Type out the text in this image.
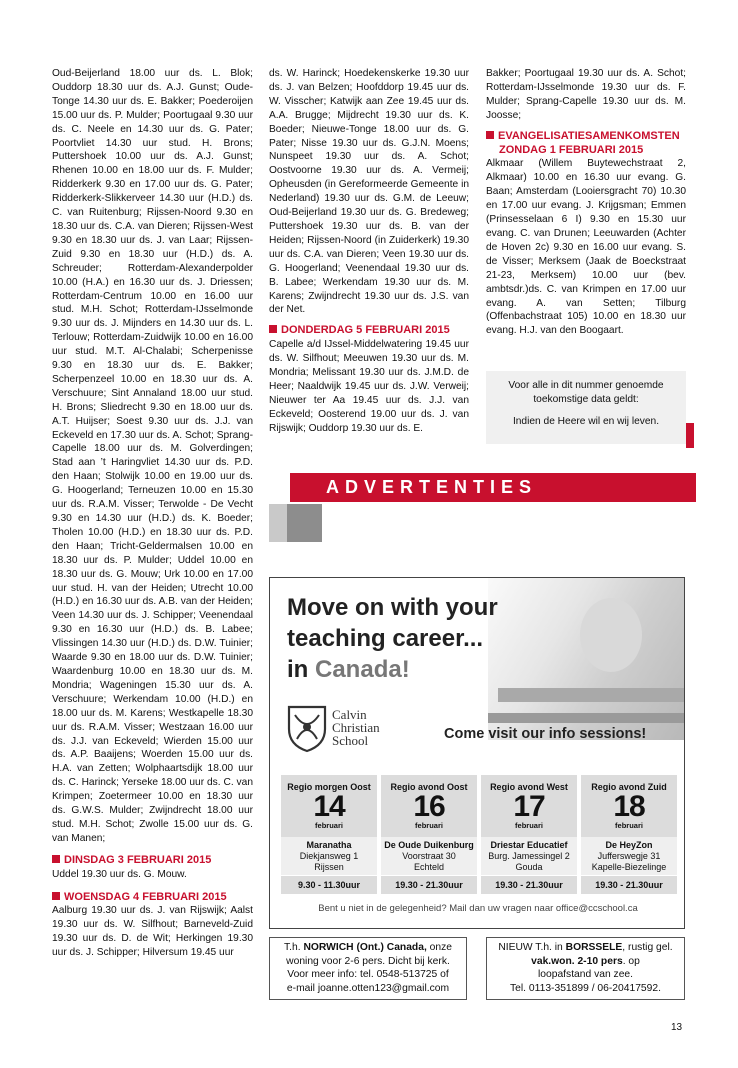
Oud-Beijerland 18.00 uur ds. L. Blok; Ouddorp 18.30 uur ds. A.J. Gunst; Oude-Tonge 14.30 uur ds. E. Bakker; Poederoijen 15.00 uur ds. P. Mulder; Poortugaal 9.30 uur ds. C. Neele en 14.30 uur ds. G. Pater; Poortvliet 14.30 uur stud. H. Brons; Puttershoek 10.00 uur ds. A.J. Gunst; Rhenen 10.00 en 18.00 uur ds. F. Mulder; Ridderkerk 9.30 en 17.00 uur ds. G. Pater; Ridderkerk-Slikkerveer 14.30 uur (H.D.) ds. C. van Ruitenburg; Rijssen-Noord 9.30 en 18.30 uur ds. C.A. van Dieren; Rijssen-West 9.30 en 18.30 uur ds. J. van Laar; Rijssen-Zuid 9.30 en 18.30 uur (H.D.) ds. A. Schreuder; Rotterdam-Alexanderpolder 10.00 (H.A.) en 16.30 uur ds. J. Driessen; Rotterdam-Centrum 10.00 en 16.00 uur stud. M.H. Schot; Rotterdam-IJsselmonde 9.30 uur ds. J. Mijnders en 14.30 uur ds. L. Terlouw; Rotterdam-Zuidwijk 10.00 en 16.00 uur stud. M.T. Al-Chalabi; Scherpenisse 9.30 en 18.30 uur ds. E. Bakker; Scherpenzeel 10.00 en 18.30 uur ds. A. Verschuure; Sint Annaland 18.00 uur stud. H. Brons; Sliedrecht 9.30 en 18.00 uur ds. A.T. Huijser; Soest 9.30 uur ds. J.J. van Eckeveld en 17.30 uur ds. A. Schot; Sprang-Capelle 18.00 uur ds. M. Golverdingen; Stad aan ’t Haringvliet 14.30 uur ds. P.D. den Haan; Stolwijk 10.00 en 19.00 uur ds. G. Hoogerland; Terneuzen 10.00 en 15.30 uur ds. R.A.M. Visser; Terwolde - De Vecht 9.30 en 14.30 uur (H.D.) ds. K. Boeder; Tholen 10.00 (H.D.) en 18.30 uur ds. P.D. den Haan; Tricht-Geldermalsen 10.00 en 18.30 uur ds. P. Mulder; Uddel 10.00 en 18.30 uur ds. G. Mouw; Urk 10.00 en 17.00 uur stud. H. van der Heiden; Utrecht 10.00 (H.D.) en 16.30 uur ds. A.B. van der Heiden; Veen 14.30 uur ds. J. Schipper; Veenendaal 9.30 en 16.30 uur (H.D.) ds. B. Labee; Vlissingen 14.30 uur (H.D.) ds. D.W. Tuinier; Waarde 9.30 en 18.00 uur ds. D.W. Tuinier; Waardenburg 10.00 en 18.30 uur ds. M. Mondria; Wageningen 15.30 uur ds. A. Verschuure; Werkendam 10.00 (H.D.) en 18.00 uur ds. M. Karens; Westkapelle 18.30 uur ds. R.A.M. Visser; Westzaan 16.00 uur ds. J.J. van Eckeveld; Wierden 15.00 uur ds. A.P. Baaijens; Woerden 15.00 uur ds. H.A. van Zetten; Wolphaartsdijk 18.00 uur ds. C. Harinck; Yerseke 18.00 uur ds. C. van Krimpen; Zoetermeer 10.00 en 18.30 uur ds. G.W.S. Mulder; Zwijndrecht 18.00 uur stud. M.H. Schot; Zwolle 15.00 uur ds. G. van Manen;

DINSDAG 3 FEBRUARI 2015

Uddel 19.30 uur ds. G. Mouw.

WOENSDAG 4 FEBRUARI 2015

Aalburg 19.30 uur ds. J. van Rijswijk; Aalst 19.30 uur ds. W. Silfhout; Barneveld-Zuid 19.30 uur ds. D. de Wit; Herkingen 19.30 uur ds. J. Schipper; Hilversum 19.45 uur

ds. W. Harinck; Hoedekenskerke 19.30 uur ds. J. van Belzen; Hoofddorp 19.45 uur ds. W. Visscher; Katwijk aan Zee 19.45 uur ds. A.A. Brugge; Mijdrecht 19.30 uur ds. K. Boeder; Nieuwe-Tonge 18.00 uur ds. G. Pater; Nisse 19.30 uur ds. G.J.N. Moens; Nunspeet 19.30 uur ds. A. Schot; Oostvoorne 19.30 uur ds. A. Vermeij; Opheusden (in Gereformeerde Gemeente in Nederland) 19.30 uur ds. G.M. de Leeuw; Oud-Beijerland 19.30 uur ds. G. Bredeweg; Puttershoek 19.30 uur ds. B. van der Heiden; Rijssen-Noord (in Zuiderkerk) 19.30 uur ds. C.A. van Dieren; Veen 19.30 uur ds. G. Hoogerland; Veenendaal 19.30 uur ds. B. Labee; Werkendam 19.30 uur ds. M. Karens; Zwijndrecht 19.30 uur ds. J.S. van der Net.

DONDERDAG 5 FEBRUARI 2015

Capelle a/d IJssel-Middelwatering 19.45 uur ds. W. Silfhout; Meeuwen 19.30 uur ds. M. Mondria; Melissant 19.30 uur ds. J.M.D. de Heer; Naaldwijk 19.45 uur ds. J.W. Verweij; Nieuwer ter Aa 19.45 uur ds. J.J. van Eckeveld; Oosterend 19.00 uur ds. J. van Rijswijk; Ouddorp 19.30 uur ds. E.

Bakker; Poortugaal 19.30 uur ds. A. Schot; Rotterdam-IJsselmonde 19.30 uur ds. F. Mulder; Sprang-Capelle 19.30 uur ds. M. Joosse;

EVANGELISATIESAMENKOMSTEN
ZONDAG 1 FEBRUARI 2015

Alkmaar (Willem Buytewechstraat 2, Alkmaar) 10.00 en 16.30 uur evang. G. Baan; Amsterdam (Looiersgracht 70) 10.30 en 17.00 uur evang. J. Krijgsman; Emmen (Prinsesselaan 6 I) 9.30 en 15.30 uur evang. C. van Drunen; Leeuwarden (Achter de Hoven 2c) 9.30 en 16.00 uur evang. S. de Visser; Merksem (Jaak de Boeckstraat 21-23, Merksem) 10.00 uur (bev. ambtsdr.)ds. C. van Krimpen en 17.00 uur evang. A. van Setten; Tilburg (Offenbachstraat 105) 10.00 en 18.30 uur evang. H.J. van den Boogaart.

Voor alle in dit nummer genoemde
toekomstige data geldt:
Indien de Heere wil en wij leven.
ADVERTENTIES
Move on with your
teaching career...
in Canada!
Calvin
Christian
School	Come visit our info sessions!
Regio morgen Oost
14
februari
Maranatha
Diekjansweg 1
Rijssen
9.30 - 11.30uur
Regio avond Oost
16
februari
De Oude Duikenburg
Voorstraat 30
Echteld
19.30 - 21.30uur
Regio avond West
17
februari
Driestar Educatief
Burg. Jamessingel 2
Gouda
19.30 - 21.30uur
Regio avond Zuid
18
februari
De HeyZon
Jufferswegje 31
Kapelle-Biezelinge
19.30 - 21.30uur
Bent u niet in de gelegenheid? Mail dan uw vragen naar office@ccschool.ca
T.h. NORWICH (Ont.) Canada, onze
woning voor 2-6 pers. Dicht bij kerk.
Voor meer info: tel. 0548-513725 of
e-mail joanne.otten123@gmail.com
NIEUW T.h. in BORSSELE, rustig gel.
vak.won. 2-10 pers. op
loopafstand van zee.
Tel. 0113-351899 / 06-20417592.
13
